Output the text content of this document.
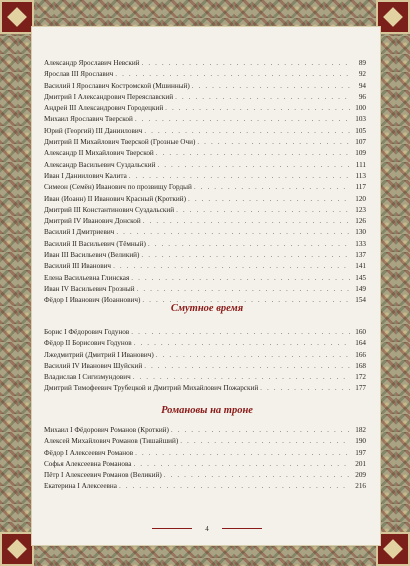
Александр Ярославич Невский . . .	89
Ярослав III Ярославич . . .	92
Василий I Ярославич Костромской (Мшинный) . . .	94
Дмитрий I Александрович Переяславский . . .	96
Андрей III Александрович Городецкий . . .	100
Михаил Ярославич Тверской . . .	103
Юрий (Георгий) III Даниилович . . .	105
Дмитрий II Михайлович Тверской (Грозные Очи) . . .	107
Александр II Михайлович Тверской . . .	109
Александр Васильевич Суздальский . . .	111
Иван I Даниилович Калита . . .	113
Симеон (Семён) Иванович по прозвищу Гордый . . .	117
Иван (Иоанн) II Иванович Красный (Кроткий) . . .	120
Дмитрий III Константинович Суздальский . . .	123
Дмитрий IV Иванович Донской . . .	126
Василий I Дмитриевич . . .	130
Василий II Васильевич (Тёмный) . . .	133
Иван III Васильевич (Великий) . . .	137
Василий III Иванович . . .	141
Елена Васильевна Глинская . . .	145
Иван IV Васильевич Грозный . . .	149
Фёдор I Иванович (Иоаннович) . . .	154
Смутное время
Борис I Фёдорович Годунов . . .	160
Фёдор II Борисович Годунов . . .	164
Лжедмитрий (Дмитрий I Иванович) . . .	166
Василий IV Иванович Шуйский . . .	168
Владислав I Сигизмундович . . .	172
Дмитрий Тимофеевич Трубецкой и Дмитрий Михайлович Пожарский . . .	177
Романовы на троне
Михаил I Фёдорович Романов (Кроткий) . . .	182
Алексей Михайлович Романов (Тишайший) . . .	190
Фёдор I Алексеевич Романов . . .	197
Софья Алексеевна Романова . . .	201
Пётр I Алексеевич Романов (Великий) . . .	209
Екатерина I Алексеевна . . .	216
4
